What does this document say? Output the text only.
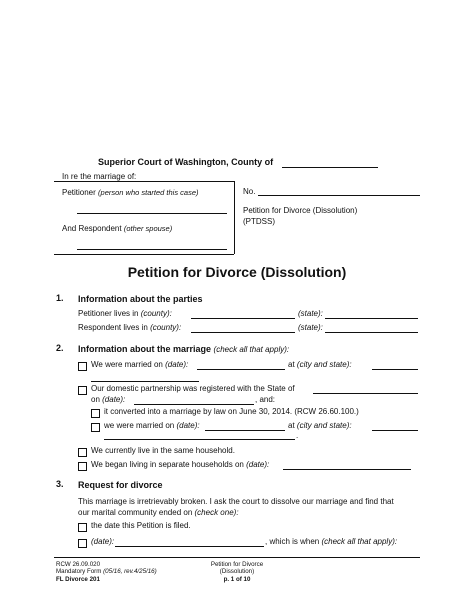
Superior Court of Washington, County of
In re the marriage of:
Petitioner (person who started this case)
And Respondent (other spouse)
No.
Petition for Divorce (Dissolution)
(PTDSS)
Petition for Divorce (Dissolution)
1. Information about the parties
Petitioner lives in (county):	(state):
Respondent lives in (county):	(state):
2. Information about the marriage (check all that apply):
We were married on (date):	at (city and state):
Our domestic partnership was registered with the State of
on (date):	, and:
it converted into a marriage by law on June 30, 2014. (RCW 26.60.100.)
we were married on (date):	at (city and state):
.
We currently live in the same household.
We began living in separate households on (date):
3. Request for divorce
This marriage is irretrievably broken. I ask the court to dissolve our marriage and find that
our marital community ended on (check one):
the date this Petition is filed.
(date):	, which is when (check all that apply):
RCW 26.09.020
Mandatory Form (05/16, rev.4/25/16)
FL Divorce 201
Petition for Divorce
(Dissolution)
p. 1 of 10
